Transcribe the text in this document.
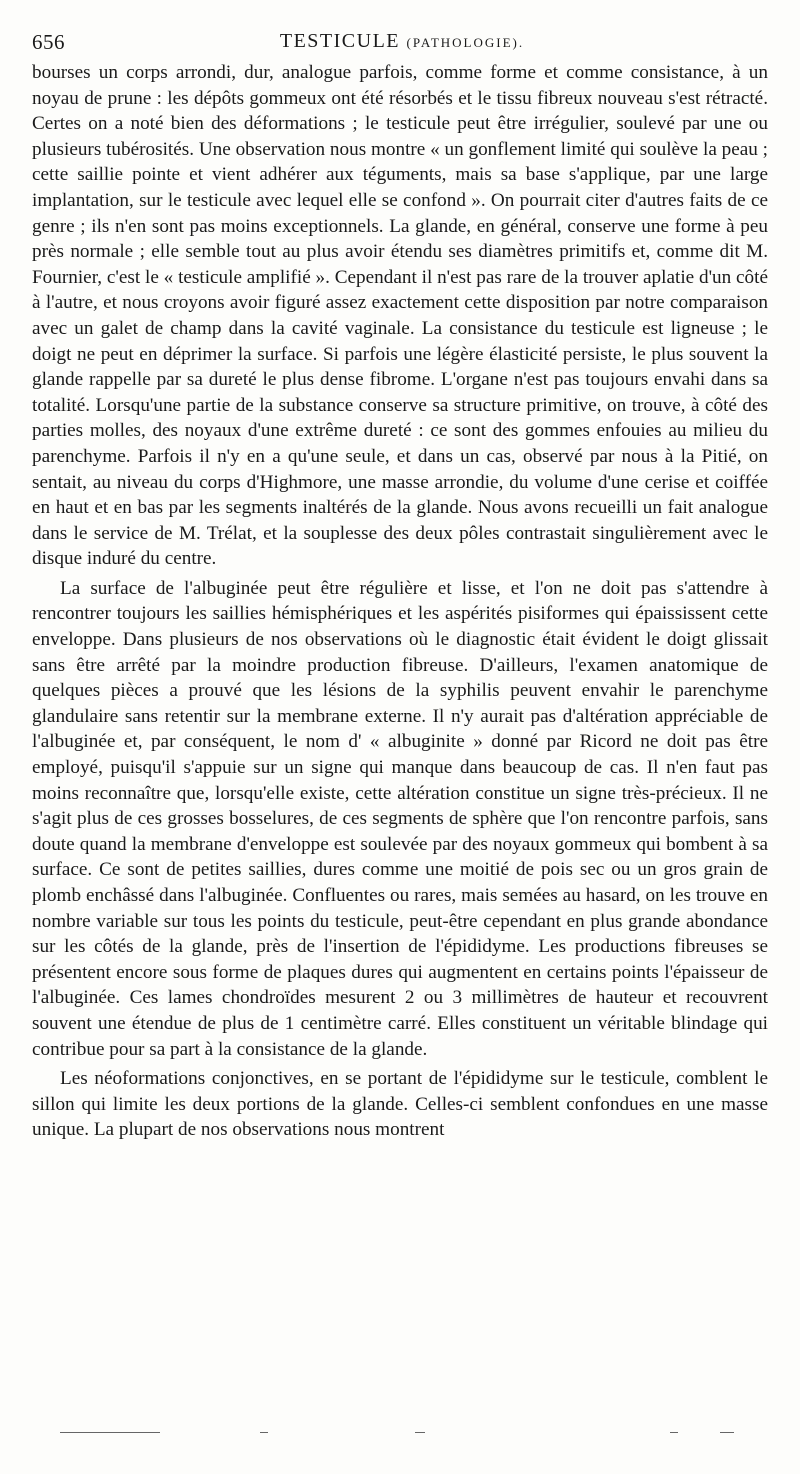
656	TESTICULE (PATHOLOGIE).

bourses un corps arrondi, dur, analogue parfois, comme forme et comme consistance, à un noyau de prune : les dépôts gommeux ont été résorbés et le tissu fibreux nouveau s'est rétracté. Certes on a noté bien des déformations ; le testicule peut être irrégulier, soulevé par une ou plusieurs tubérosités. Une observation nous montre « un gonflement limité qui soulève la peau ; cette saillie pointe et vient adhérer aux téguments, mais sa base s'applique, par une large implantation, sur le testicule avec lequel elle se confond ». On pourrait citer d'autres faits de ce genre ; ils n'en sont pas moins exceptionnels. La glande, en général, conserve une forme à peu près normale ; elle semble tout au plus avoir étendu ses diamètres primitifs et, comme dit M. Fournier, c'est le « testicule amplifié ». Cependant il n'est pas rare de la trouver aplatie d'un côté à l'autre, et nous croyons avoir figuré assez exactement cette disposition par notre comparaison avec un galet de champ dans la cavité vaginale. La consistance du testicule est ligneuse ; le doigt ne peut en déprimer la surface. Si parfois une légère élasticité persiste, le plus souvent la glande rappelle par sa dureté le plus dense fibrome. L'organe n'est pas toujours envahi dans sa totalité. Lorsqu'une partie de la substance conserve sa structure primitive, on trouve, à côté des parties molles, des noyaux d'une extrême dureté : ce sont des gommes enfouies au milieu du parenchyme. Parfois il n'y en a qu'une seule, et dans un cas, observé par nous à la Pitié, on sentait, au niveau du corps d'Highmore, une masse arrondie, du volume d'une cerise et coiffée en haut et en bas par les segments inaltérés de la glande. Nous avons recueilli un fait analogue dans le service de M. Trélat, et la souplesse des deux pôles contrastait singulièrement avec le disque induré du centre.

La surface de l'albuginée peut être régulière et lisse, et l'on ne doit pas s'attendre à rencontrer toujours les saillies hémisphériques et les aspérités pisiformes qui épaississent cette enveloppe. Dans plusieurs de nos observations où le diagnostic était évident le doigt glissait sans être arrêté par la moindre production fibreuse. D'ailleurs, l'examen anatomique de quelques pièces a prouvé que les lésions de la syphilis peuvent envahir le parenchyme glandulaire sans retentir sur la membrane externe. Il n'y aurait pas d'altération appréciable de l'albuginée et, par conséquent, le nom d' « albuginite » donné par Ricord ne doit pas être employé, puisqu'il s'appuie sur un signe qui manque dans beaucoup de cas. Il n'en faut pas moins reconnaître que, lorsqu'elle existe, cette altération constitue un signe très-précieux. Il ne s'agit plus de ces grosses bosselures, de ces segments de sphère que l'on rencontre parfois, sans doute quand la membrane d'enveloppe est soulevée par des noyaux gommeux qui bombent à sa surface. Ce sont de petites saillies, dures comme une moitié de pois sec ou un gros grain de plomb enchâssé dans l'albuginée. Confluentes ou rares, mais semées au hasard, on les trouve en nombre variable sur tous les points du testicule, peut-être cependant en plus grande abondance sur les côtés de la glande, près de l'insertion de l'épididyme. Les productions fibreuses se présentent encore sous forme de plaques dures qui augmentent en certains points l'épaisseur de l'albuginée. Ces lames chondroïdes mesurent 2 ou 3 millimètres de hauteur et recouvrent souvent une étendue de plus de 1 centimètre carré. Elles constituent un véritable blindage qui contribue pour sa part à la consistance de la glande.

Les néoformations conjonctives, en se portant de l'épididyme sur le testicule, comblent le sillon qui limite les deux portions de la glande. Celles-ci semblent confondues en une masse unique. La plupart de nos observations nous montrent
